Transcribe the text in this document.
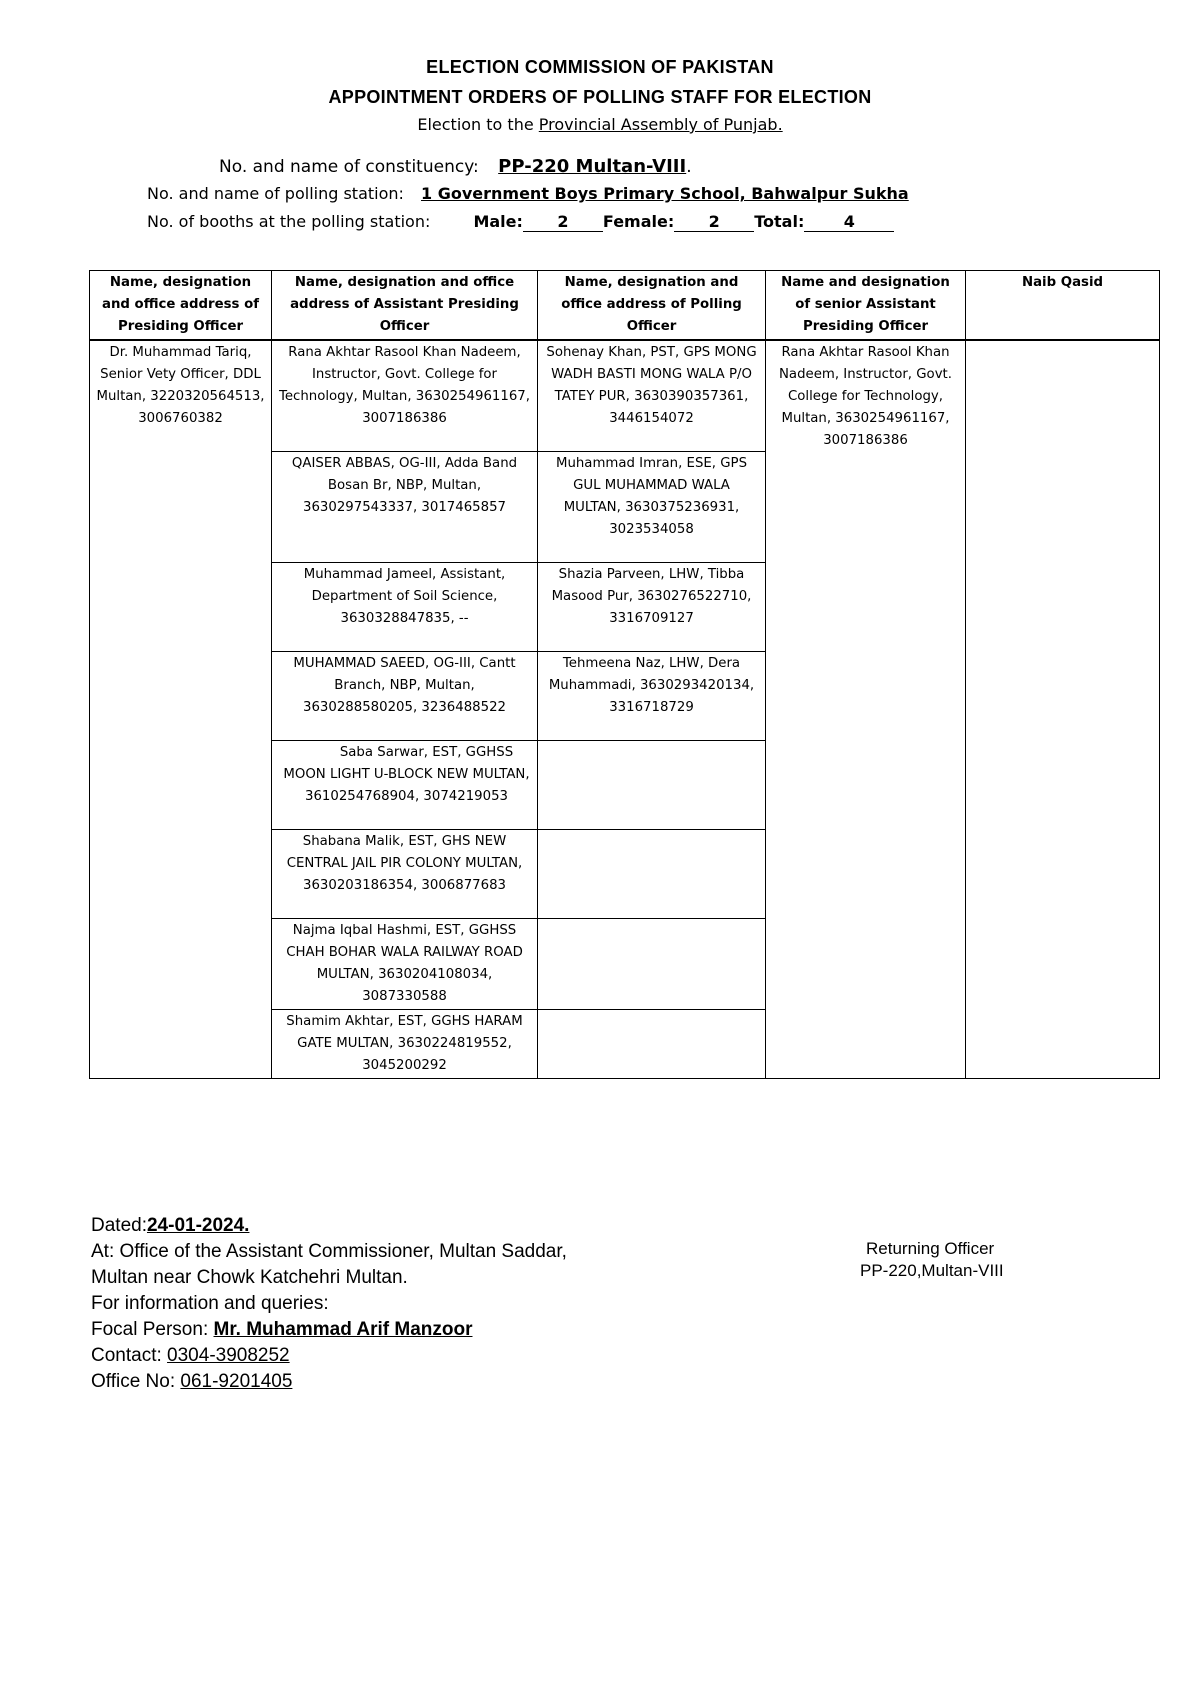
ELECTION COMMISSION OF PAKISTAN
APPOINTMENT ORDERS OF POLLING STAFF FOR ELECTION
Election to the Provincial Assembly of Punjab.
No. and name of constituency: PP-220 Multan-VIII.
No. and name of polling station: 1 Government Boys Primary School, Bahwalpur Sukha
No. of booths at the polling station:	Male: 2 Female: 2 Total: 4
Name, designation and office address of Presiding Officer	Name, designation and office address of Assistant Presiding Officer	Name, designation and office address of Polling Officer	Name and designation of senior Assistant Presiding Officer	Naib Qasid
Dr. Muhammad Tariq, Senior Vety Officer, DDL Multan, 3220320564513, 3006760382	Rana Akhtar Rasool Khan Nadeem, Instructor, Govt. College for Technology, Multan, 3630254961167, 3007186386	Sohenay Khan, PST, GPS MONG WADH BASTI MONG WALA P/O TATEY PUR, 3630390357361, 3446154072	Rana Akhtar Rasool Khan Nadeem, Instructor, Govt. College for Technology, Multan, 3630254961167, 3007186386	
	QAISER ABBAS, OG-III, Adda Band Bosan Br, NBP, Multan, 3630297543337, 3017465857	Muhammad Imran, ESE, GPS GUL MUHAMMAD WALA MULTAN, 3630375236931, 3023534058		
	Muhammad Jameel, Assistant, Department of Soil Science, 3630328847835, --	Shazia Parveen, LHW, Tibba Masood Pur, 3630276522710, 3316709127		
	MUHAMMAD SAEED, OG-III, Cantt Branch, NBP, Multan, 3630288580205, 3236488522	Tehmeena Naz, LHW, Dera Muhammadi, 3630293420134, 3316718729		

	Saba Sarwar, EST, GGHSS MOON LIGHT U-BLOCK NEW MULTAN, 3610254768904, 3074219053			

	Shabana Malik, EST, GHS NEW CENTRAL JAIL PIR COLONY MULTAN, 3630203186354, 3006877683			
	Najma Iqbal Hashmi, EST, GGHSS CHAH BOHAR WALA RAILWAY ROAD MULTAN, 3630204108034, 3087330588			
	Shamim Akhtar, EST, GGHS HARAM GATE MULTAN, 3630224819552, 3045200292			
Dated:24-01-2024.
At: Office of the Assistant Commissioner, Multan Saddar,
Multan near Chowk Katchehri Multan.
For information and queries:
Focal Person: Mr. Muhammad Arif Manzoor
Contact: 0304-3908252
Office No: 061-9201405
Returning Officer
PP-220,Multan-VIII
